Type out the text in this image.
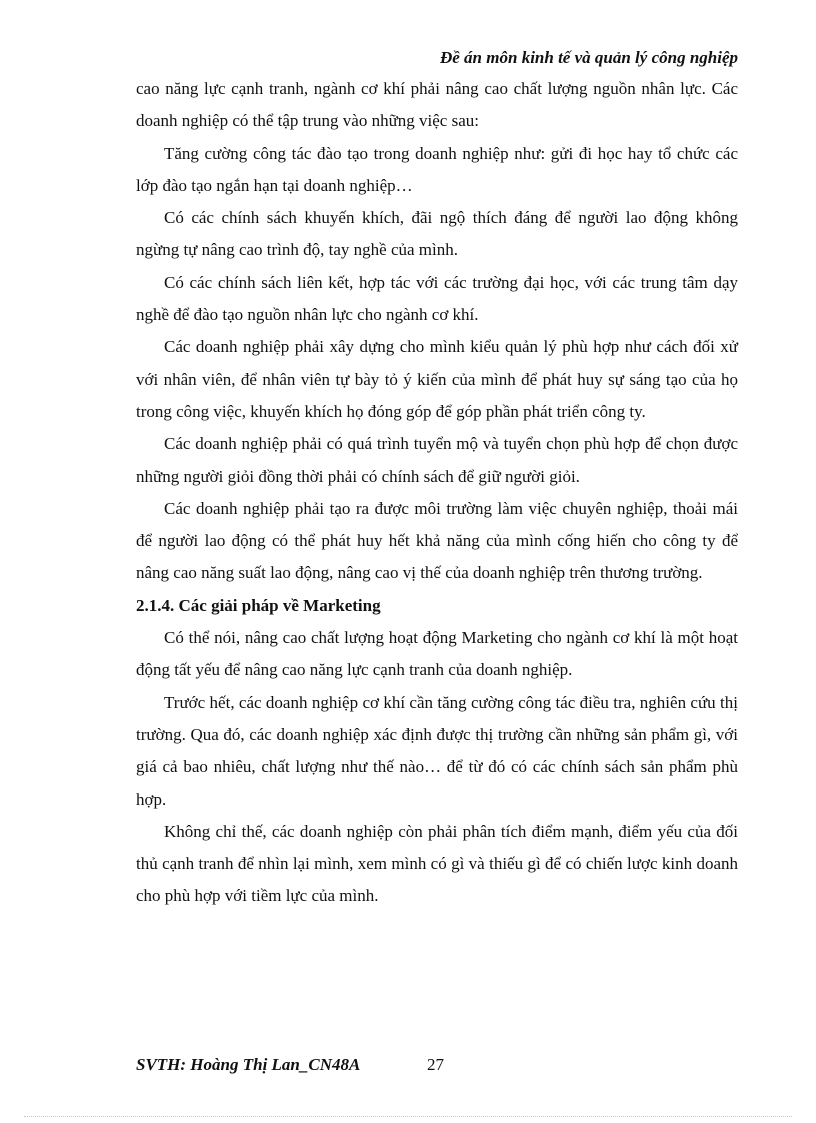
Đề án môn kinh tế và quản lý công nghiệp

cao năng lực cạnh tranh, ngành cơ khí phải nâng cao chất lượng nguồn nhân lực. Các doanh nghiệp có thể tập trung vào những việc sau:

Tăng cường công tác đào tạo trong doanh nghiệp như: gửi đi học hay tổ chức các lớp đào tạo ngắn hạn tại doanh nghiệp…

Có các chính sách khuyến khích, đãi ngộ thích đáng để người lao động không ngừng tự nâng cao trình độ, tay nghề của mình.

Có các chính sách liên kết, hợp tác với các trường đại học, với các trung tâm dạy nghề để đào tạo nguồn nhân lực cho ngành cơ khí.

Các doanh nghiệp phải xây dựng cho mình kiểu quản lý phù hợp như cách đối xử với nhân viên, để nhân viên tự bày tỏ ý kiến của mình để phát huy sự sáng tạo của họ trong công việc, khuyến khích họ đóng góp để góp phần phát triển công ty.

Các doanh nghiệp phải có quá trình tuyển mộ và tuyển chọn phù hợp để chọn được những người giỏi đồng thời phải có chính sách để giữ người giỏi.

Các doanh nghiệp phải tạo ra được môi trường làm việc chuyên nghiệp, thoải mái để người lao động có thể phát huy hết khả năng của mình cống hiến cho công ty để nâng cao năng suất lao động, nâng cao vị thế của doanh nghiệp trên thương trường.

2.1.4. Các giải pháp về Marketing

Có thể nói, nâng cao chất lượng hoạt động Marketing cho ngành cơ khí là một hoạt động tất yếu để nâng cao năng lực cạnh tranh của doanh nghiệp.

Trước hết, các doanh nghiệp cơ khí cần tăng cường công tác điều tra, nghiên cứu thị trường. Qua đó, các doanh nghiệp xác định được thị trường cần những sản phẩm gì, với giá cả bao nhiêu, chất lượng như thế nào… để từ đó có các chính sách sản phẩm phù hợp.

Không chỉ thế, các doanh nghiệp còn phải phân tích điểm mạnh, điểm yếu của đối thủ cạnh tranh để nhìn lại mình, xem mình có gì và thiếu gì để có chiến lược kinh doanh cho phù hợp với tiềm lực của mình.

SVTH: Hoàng Thị Lan_CN48A	27
